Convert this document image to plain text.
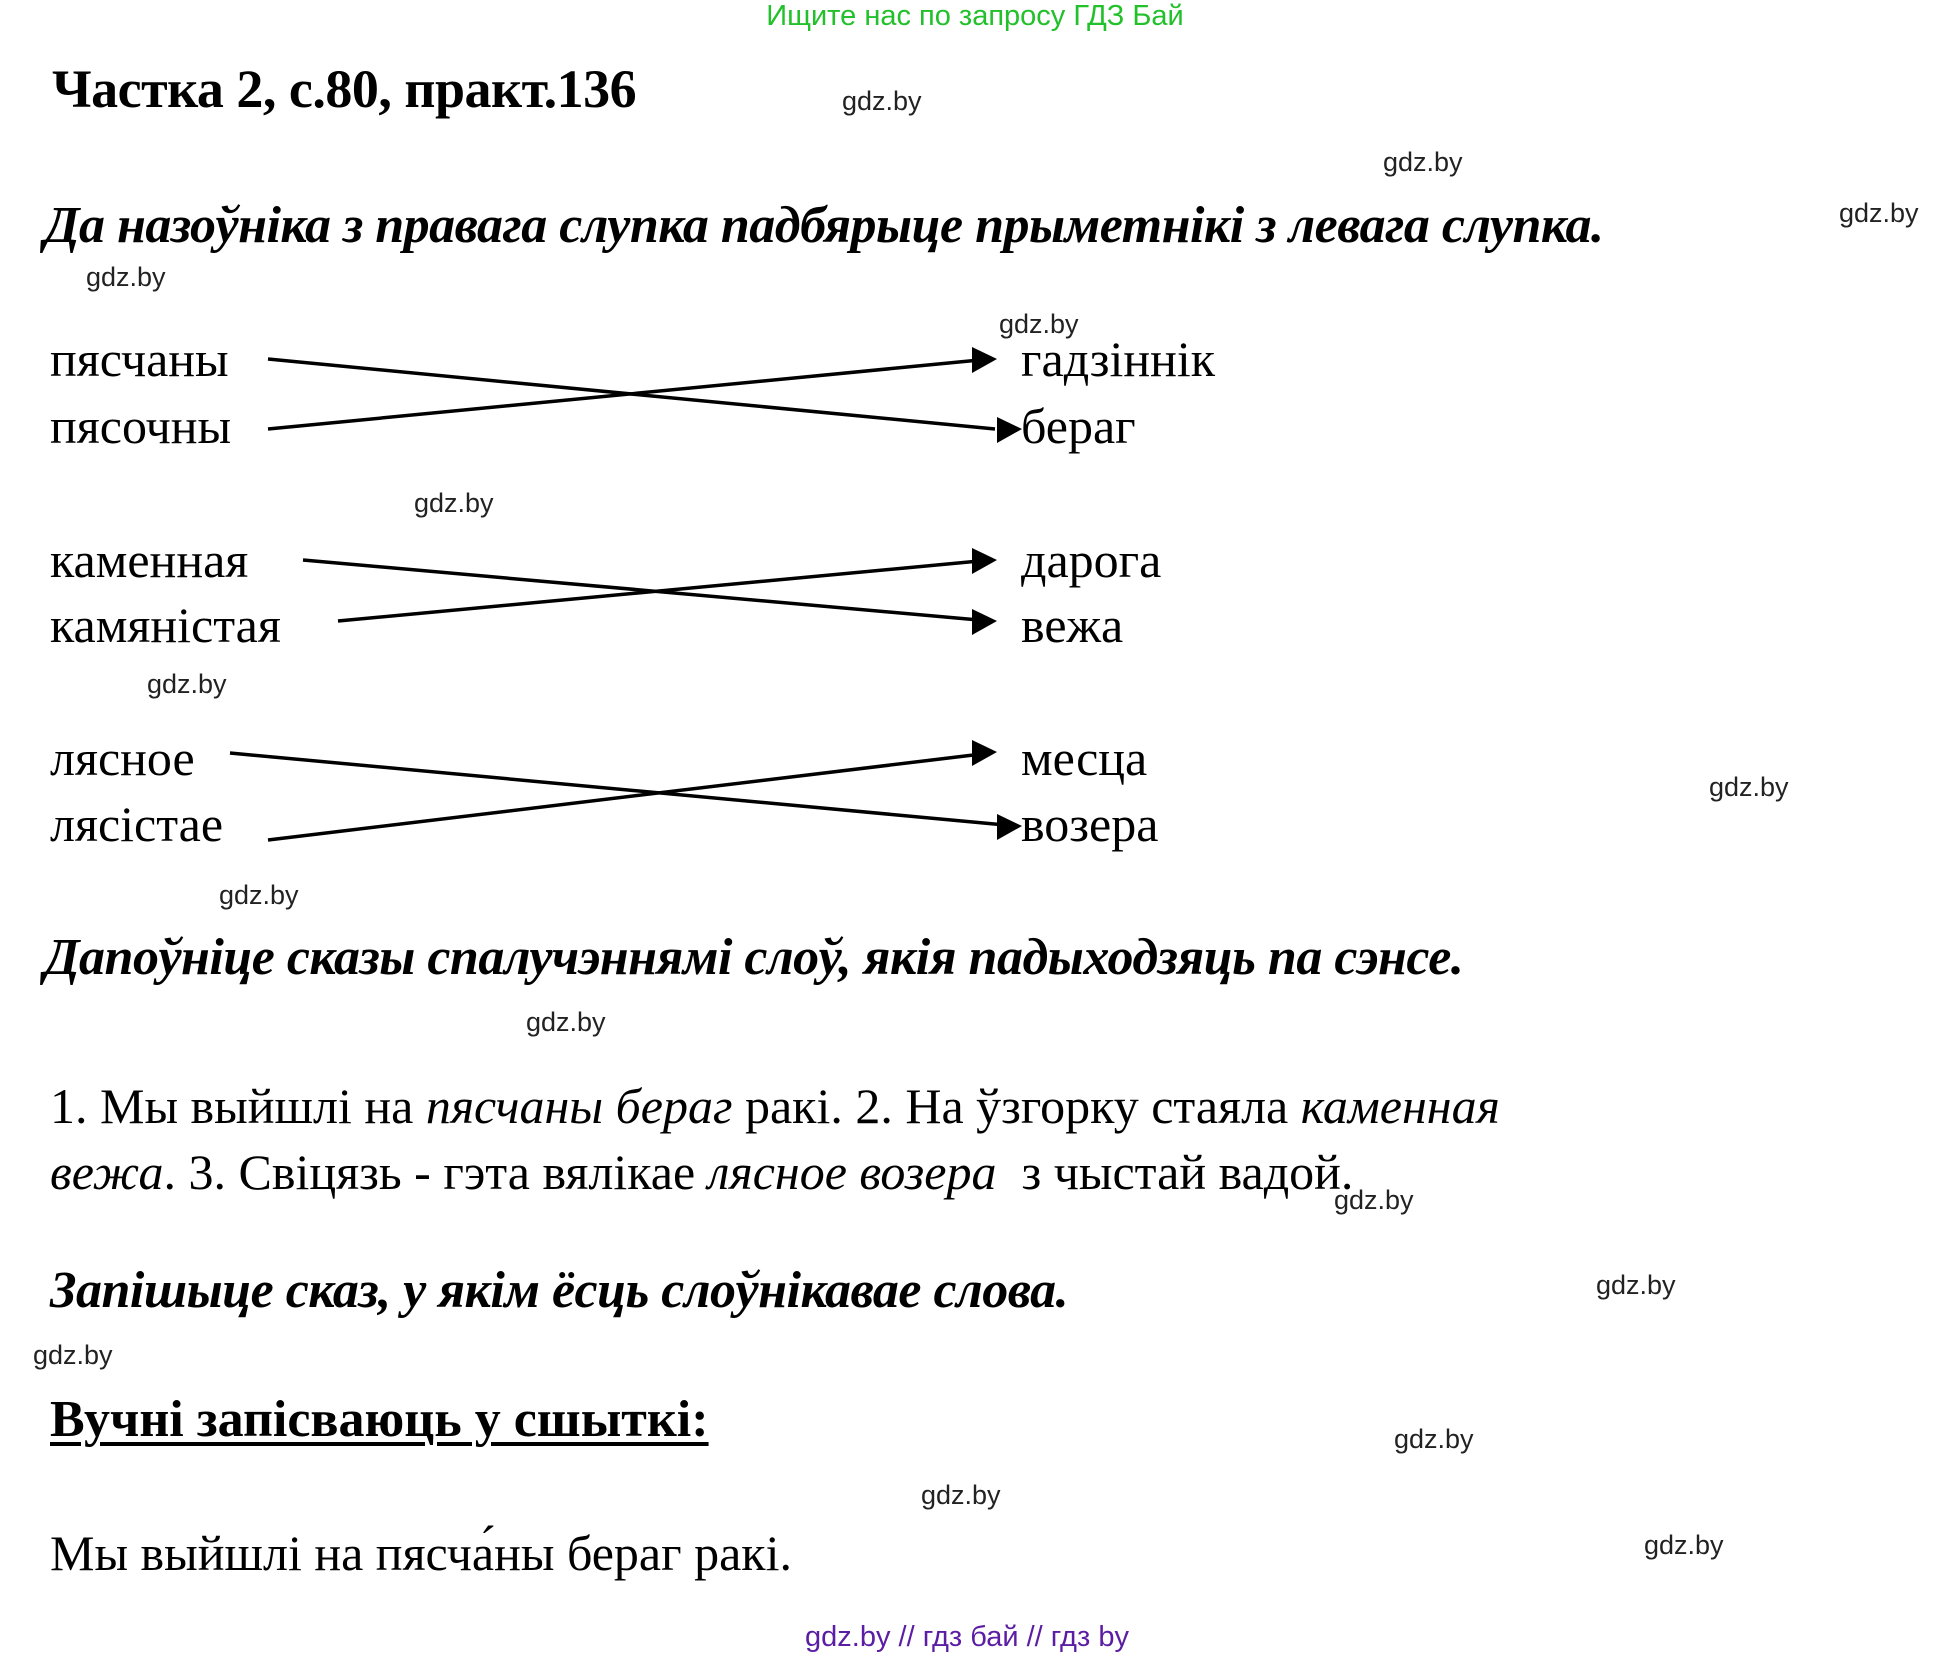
Ищите нас по запросу ГДЗ Бай
Частка 2, с.80, практ.136	gdz.by
gdz.by
gdz.by
gdz.by
gdz.by
gdz.by
gdz.by
gdz.by
gdz.by
gdz.by
gdz.by
gdz.by
gdz.by
gdz.by
gdz.by
gdz.by
Да назоўніка з правага слупка падбярыце прыметнікі з левага слупка.
пясчаны
пясочны
гадзіннік
бераг
каменная
камяністая
дарога
вежа
лясное
лясістае
месца
возера
Дапоўніце сказы спалучэннямі слоў, якія падыходзяць па сэнсе.
1. Мы выйшлі на пясчаны бераг ракі. 2. На ўзгорку стаяла каменная
вежа. 3. Свіцязь - гэта вялікае лясное возера  з чыстай вадой.
Запішыце сказ, у якім ёсць слоўнікавае слова.
Вучні запісваюць у сшыткі:
Мы выйшлі на пясча́ны бераг ракі.
gdz.by // гдз бай // гдз by
